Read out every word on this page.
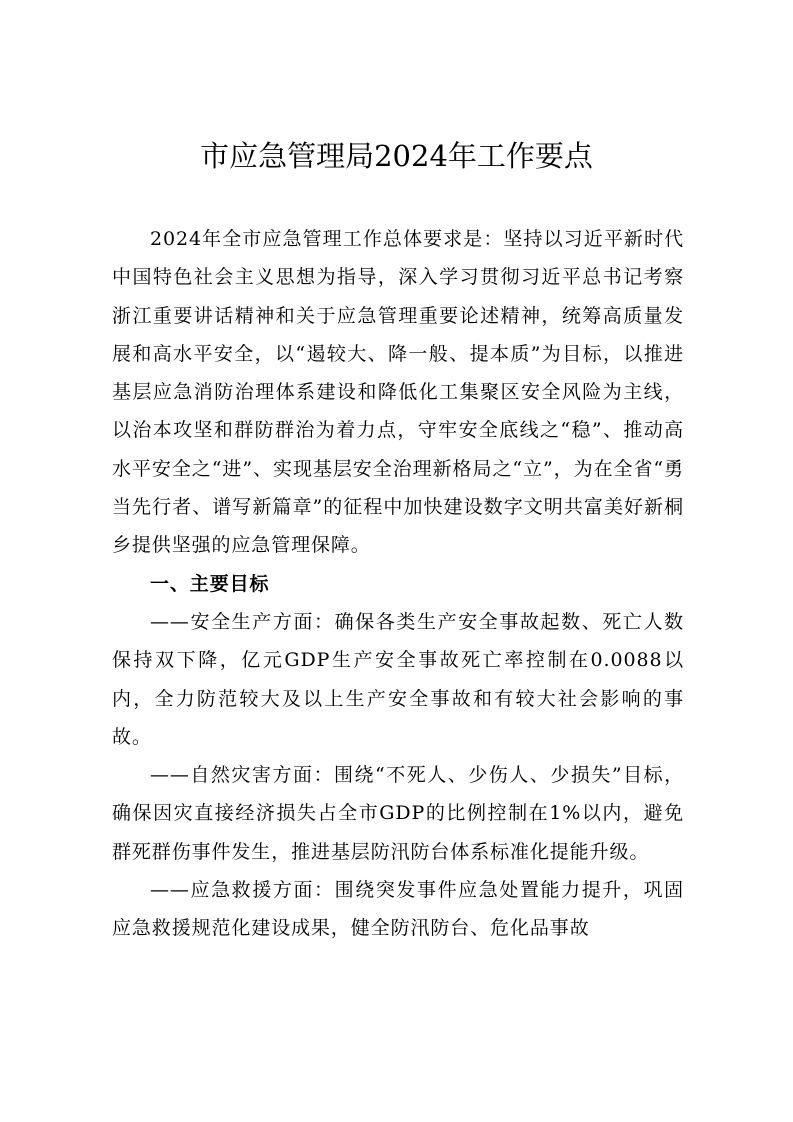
市应急管理局2024年工作要点

2024年全市应急管理工作总体要求是：坚持以习近平新时代中国特色社会主义思想为指导，深入学习贯彻习近平总书记考察浙江重要讲话精神和关于应急管理重要论述精神，统筹高质量发展和高水平安全，以“遏较大、降一般、提本质”为目标，以推进基层应急消防治理体系建设和降低化工集聚区安全风险为主线，以治本攻坚和群防群治为着力点，守牢安全底线之“稳”、推动高水平安全之“进”、实现基层安全治理新格局之“立”，为在全省“勇当先行者、谱写新篇章”的征程中加快建设数字文明共富美好新桐乡提供坚强的应急管理保障。

一、主要目标

——安全生产方面：确保各类生产安全事故起数、死亡人数保持双下降，亿元GDP生产安全事故死亡率控制在0.0088以内，全力防范较大及以上生产安全事故和有较大社会影响的事故。

——自然灾害方面：围绕“不死人、少伤人、少损失”目标，确保因灾直接经济损失占全市GDP的比例控制在1%以内，避免群死群伤事件发生，推进基层防汛防台体系标准化提能升级。

——应急救援方面：围绕突发事件应急处置能力提升，巩固应急救援规范化建设成果，健全防汛防台、危化品事故
